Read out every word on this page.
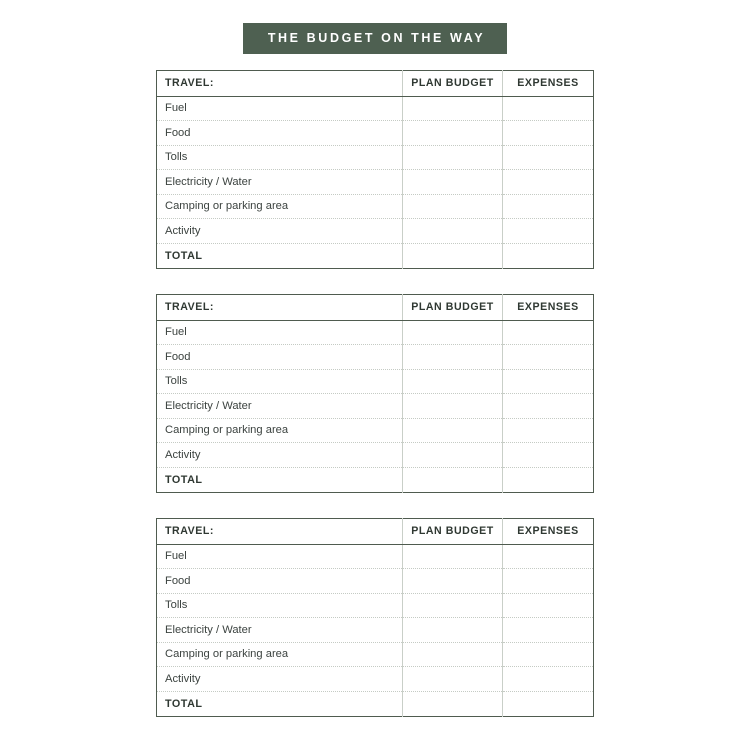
THE BUDGET ON THE WAY
TRAVEL:	PLAN BUDGET	EXPENSES
Fuel		
Food		
Tolls		
Electricity / Water		
Camping or parking area		
Activity		
TOTAL		
TRAVEL:	PLAN BUDGET	EXPENSES
Fuel		
Food		
Tolls		
Electricity / Water		
Camping or parking area		
Activity		
TOTAL		
TRAVEL:	PLAN BUDGET	EXPENSES
Fuel		
Food		
Tolls		
Electricity / Water		
Camping or parking area		
Activity		
TOTAL		
